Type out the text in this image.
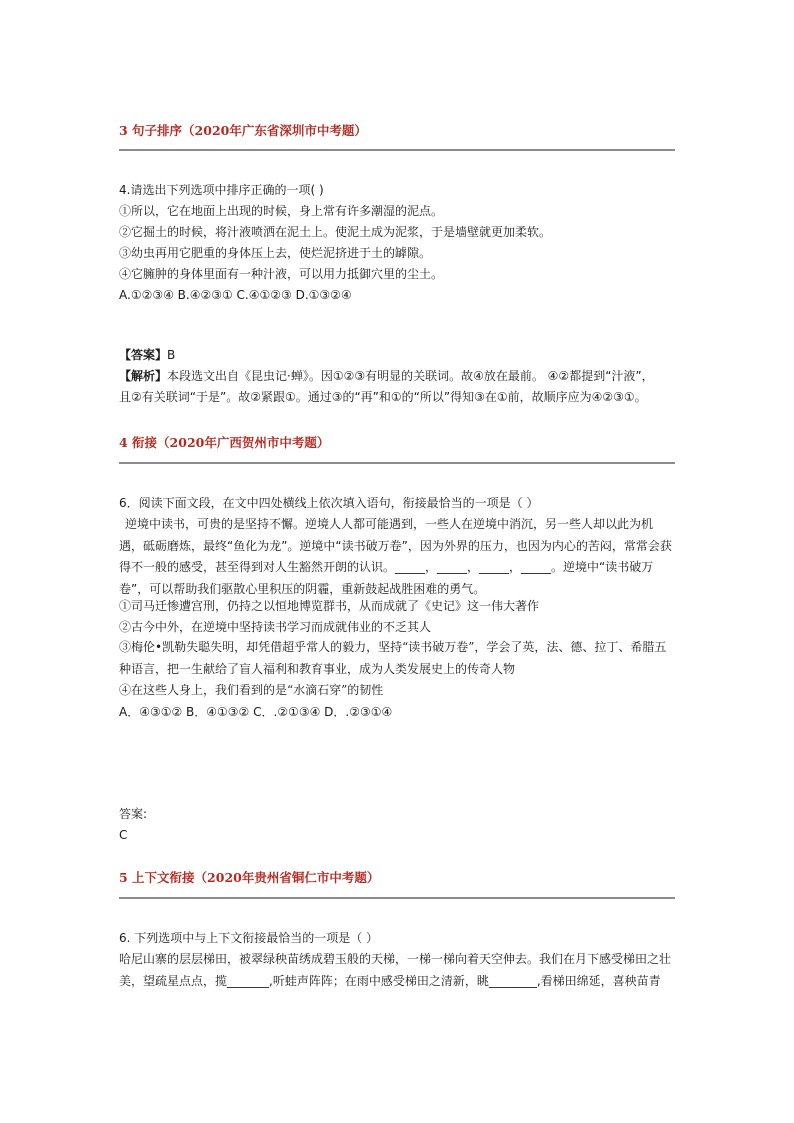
3 句子排序（2020年广东省深圳市中考题）
4.请选出下列选项中排序正确的一项( )
①所以，它在地面上出现的时候，身上常有许多潮湿的泥点。
②它掘土的时候，将汁液喷洒在泥土上。使泥土成为泥浆，于是墙壁就更加柔软。
③幼虫再用它肥重的身体压上去，使烂泥挤进于土的罅隙。
④它臃肿的身体里面有一种汁液，可以用力抵御穴里的尘土。
A.①②③④ B.④②③① C.④①②③ D.①③②④
【答案】B
【解析】本段选文出自《昆虫记·蝉》。因①②③有明显的关联词。故④放在最前。 ④②都提到“汁液”，
且②有关联词“于是”。故②紧跟①。通过③的“再”和①的“所以”得知③在①前，故顺序应为④②③①。
4 衔接（2020年广西贺州市中考题）
6．阅读下面文段，在文中四处横线上依次填入语句，衔接最恰当的一项是（ ）
逆境中读书，可贵的是坚持不懈。逆境人人都可能遇到，一些人在逆境中消沉，另一些人却以此为机遇，砥砺磨炼，最终“鱼化为龙”。逆境中“读书破万卷”，因为外界的压力，也因为内心的苦闷，常常会获得不一般的感受，甚至得到对人生豁然开朗的认识。_____，_____，_____，_____。逆境中“读书破万卷”，可以帮助我们驱散心里积压的阴霾，重新鼓起战胜困难的勇气。
①司马迁惨遭宫刑，仍持之以恒地博览群书，从而成就了《史记》这一伟大著作
②古今中外，在逆境中坚持读书学习而成就伟业的不乏其人
③梅伦•凯勒失聪失明，却凭借超乎常人的毅力，坚持“读书破万卷”，学会了英，法、德、拉丁、希腊五种语言，把一生献给了盲人福利和教育事业，成为人类发展史上的传奇人物
④在这些人身上，我们看到的是“水滴石穿”的韧性
A．④③①② B．④①③② C．.②①③④ D．.②③①④
答案:
C
5 上下文衔接（2020年贵州省铜仁市中考题）
6. 下列选项中与上下文衔接最恰当的一项是（ ）
哈尼山寨的层层梯田，被翠绿秧苗绣成碧玉般的天梯，一梯一梯向着天空伸去。我们在月下感受梯田之壮美，望疏星点点，揽_______,听蛙声阵阵；在雨中感受梯田之清新，眺________,看梯田绵延，喜秧苗青
